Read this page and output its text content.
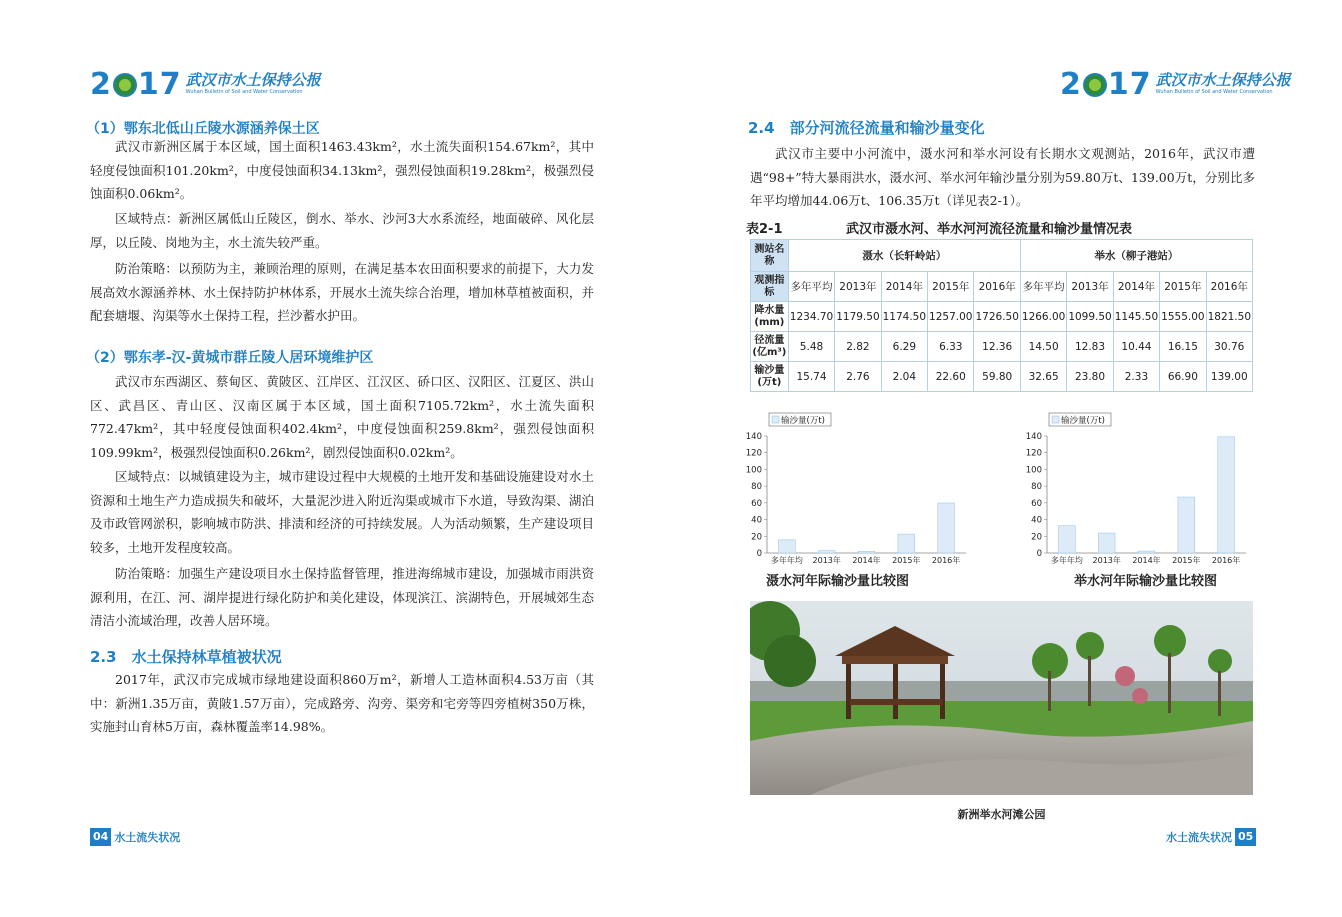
2 17 武汉市水土保持公报
Wuhan Bulletin of Soil and Water Conservation
（1）鄂东北低山丘陵水源涵养保土区
武汉市新洲区属于本区域，国土面积1463.43km²，水土流失面积154.67km²，其中轻度侵蚀面积101.20km²，中度侵蚀面积34.13km²，强烈侵蚀面积19.28km²，极强烈侵蚀面积0.06km²。
区域特点：新洲区属低山丘陵区，倒水、举水、沙河3大水系流经，地面破碎、风化层厚，以丘陵、岗地为主，水土流失较严重。
防治策略：以预防为主，兼顾治理的原则，在满足基本农田面积要求的前提下，大力发展高效水源涵养林、水土保持防护林体系，开展水土流失综合治理，增加林草植被面积，并配套塘堰、沟渠等水土保持工程，拦沙蓄水护田。
（2）鄂东孝-汉-黄城市群丘陵人居环境维护区
武汉市东西湖区、蔡甸区、黄陂区、江岸区、江汉区、硚口区、汉阳区、江夏区、洪山区、武昌区、青山区、汉南区属于本区域，国土面积7105.72km²，水土流失面积772.47km²，其中轻度侵蚀面积402.4km²，中度侵蚀面积259.8km²，强烈侵蚀面积109.99km²，极强烈侵蚀面积0.26km²，剧烈侵蚀面积0.02km²。
区域特点：以城镇建设为主，城市建设过程中大规模的土地开发和基础设施建设对水土资源和土地生产力造成损失和破坏，大量泥沙进入附近沟渠或城市下水道，导致沟渠、湖泊及市政管网淤积，影响城市防洪、排渍和经济的可持续发展。人为活动频繁，生产建设项目较多，土地开发程度较高。
防治策略：加强生产建设项目水土保持监督管理，推进海绵城市建设，加强城市雨洪资源利用，在江、河、湖岸提进行绿化防护和美化建设，体现滨江、滨湖特色，开展城郊生态清洁小流域治理，改善人居环境。
2.3　水土保持林草植被状况
2017年，武汉市完成城市绿地建设面积860万m²，新增人工造林面积4.53万亩（其中：新洲1.35万亩，黄陂1.57万亩），完成路旁、沟旁、渠旁和宅旁等四旁植树350万株，实施封山育林5万亩，森林覆盖率14.98%。
04 水土流失状况
2 17 武汉市水土保持公报
Wuhan Bulletin of Soil and Water Conservation
2.4　部分河流径流量和输沙量变化
武汉市主要中小河流中，滠水河和举水河设有长期水文观测站，2016年，武汉市遭遇“98+”特大暴雨洪水，滠水河、举水河年输沙量分别为59.80万t、139.00万t，分别比多年平均增加44.06万t、106.35万t（详见表2-1）。
表2-1	武汉市滠水河、举水河河流径流量和输沙量情况表
测站名称	滠水（长轩岭站）					举水（柳子港站）				
观测指标	多年平均	2013年	2014年	2015年	2016年	多年平均	2013年	2014年	2015年	2016年
降水量(mm)	1234.70	1179.50	1174.50	1257.00	1726.50	1266.00	1099.50	1145.50	1555.00	1821.50
径流量(亿m³)	5.48	2.82	6.29	6.33	12.36	14.50	12.83	10.44	16.15	30.76
输沙量(万t)	15.74	2.76	2.04	22.60	59.80	32.65	23.80	2.33	66.90	139.00
输沙量(万t)
0
20
40
60
80
100
120
140
多年年均 2013年 2014年 2015年 2016年
滠水河年际输沙量比较图
输沙量(万t)
0
20
40
60
80
100
120
140
多年年均 2013年 2014年 2015年 2016年
举水河年际输沙量比较图
新洲举水河滩公园
水土流失状况 05
